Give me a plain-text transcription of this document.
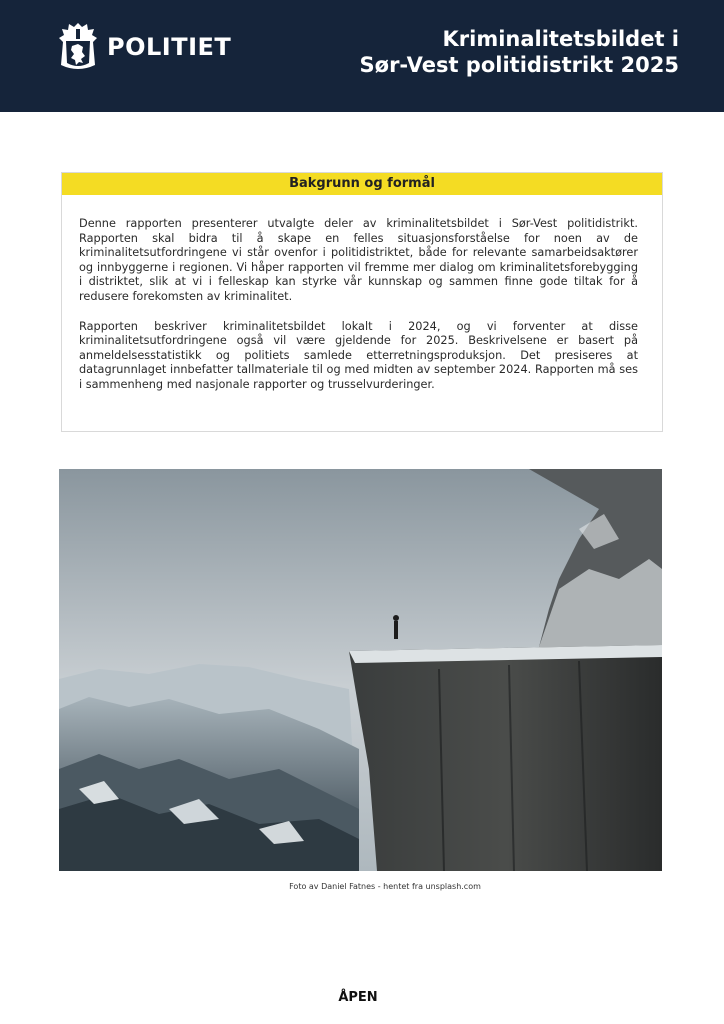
POLITIET	Kriminalitetsbildet i
Sør-Vest politidistrikt 2025
Bakgrunn og formål

Denne rapporten presenterer utvalgte deler av kriminalitetsbildet i Sør-Vest politidistrikt. Rapporten skal bidra til å skape en felles situasjonsforståelse for noen av de kriminalitetsutfordringene vi står ovenfor i politidistriktet, både for relevante samarbeidsaktører og innbyggerne i regionen. Vi håper rapporten vil fremme mer dialog om kriminalitetsforebygging i distriktet, slik at vi i felleskap kan styrke vår kunnskap og sammen finne gode tiltak for å redusere forekomsten av kriminalitet.

Rapporten beskriver kriminalitetsbildet lokalt i 2024, og vi forventer at disse kriminalitetsutfordringene også vil være gjeldende for 2025. Beskrivelsene er basert på anmeldelsesstatistikk og politiets samlede etterretningsproduksjon. Det presiseres at datagrunnlaget innbefatter tallmateriale til og med midten av september 2024. Rapporten må ses i sammenheng med nasjonale rapporter og trusselvurderinger.

Foto av Daniel Fatnes - hentet fra unsplash.com
ÅPEN
